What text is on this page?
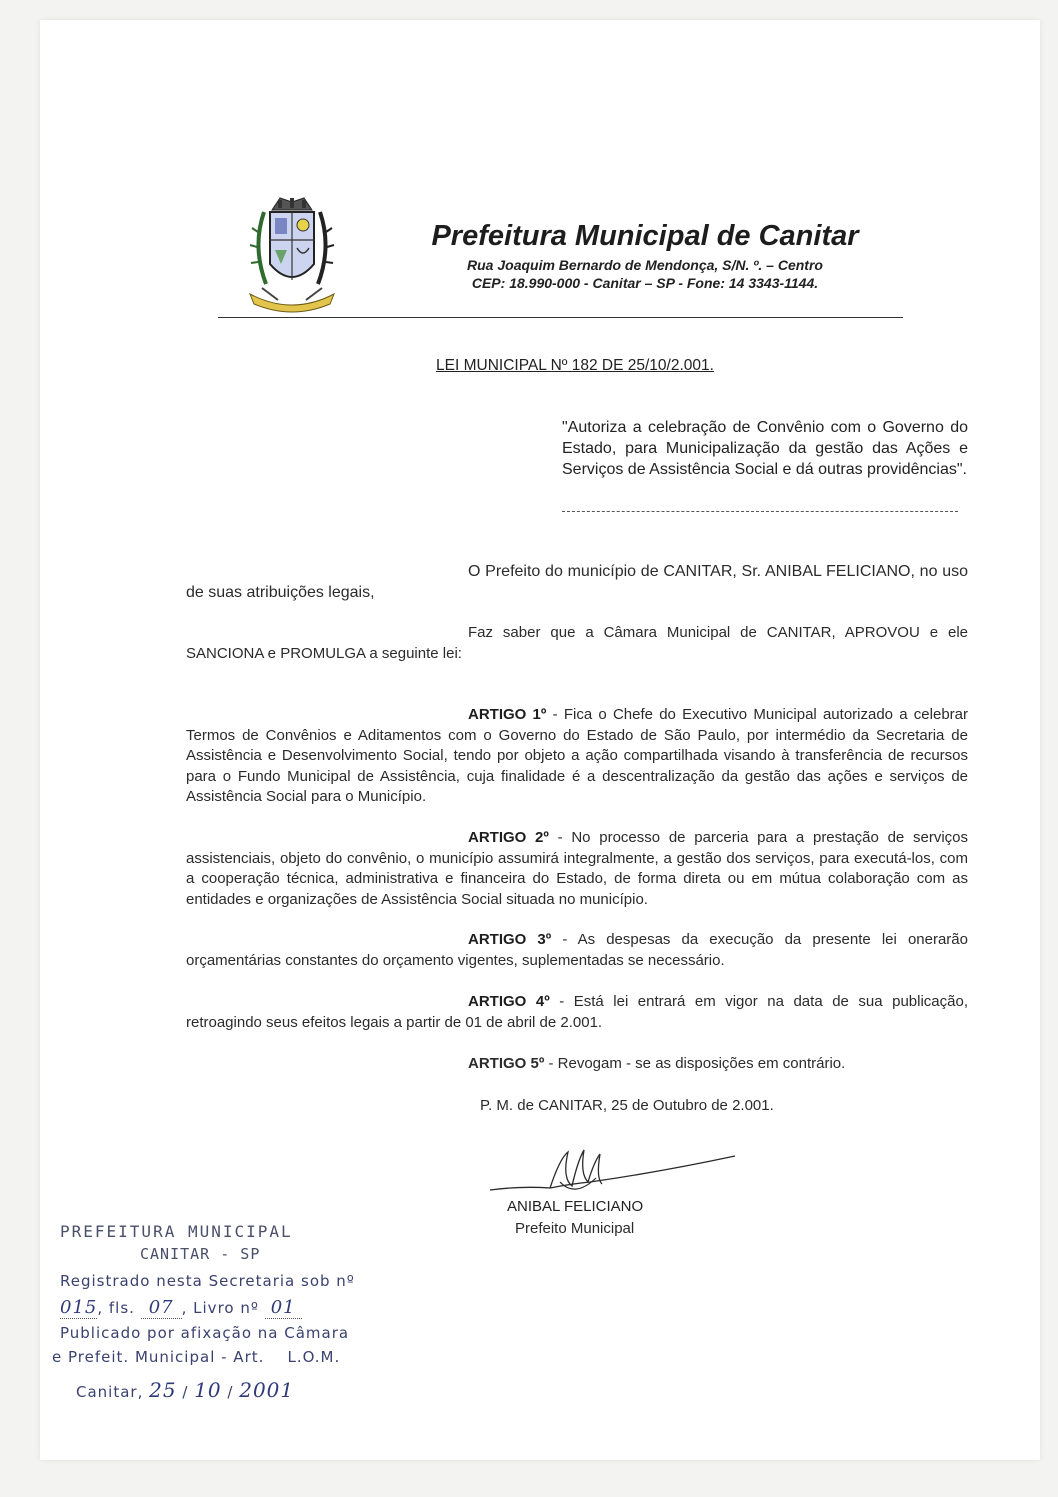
Prefeitura Municipal de Canitar
Rua Joaquim Bernardo de Mendonça, S/N. º. – Centro
CEP: 18.990-000 - Canitar – SP - Fone: 14 3343-1144.
LEI MUNICIPAL Nº 182 DE 25/10/2.001.
"Autoriza a celebração de Convênio com o Governo do Estado, para Municipalização da gestão das Ações e Serviços de Assistência Social e dá outras providências".
O Prefeito do município de CANITAR, Sr. ANIBAL FELICIANO, no uso de suas atribuições legais,
Faz saber que a Câmara Municipal de CANITAR, APROVOU e ele SANCIONA e PROMULGA a seguinte lei:
ARTIGO 1º - Fica o Chefe do Executivo Municipal autorizado a celebrar Termos de Convênios e Aditamentos com o Governo do Estado de São Paulo, por intermédio da Secretaria de Assistência e Desenvolvimento Social, tendo por objeto a ação compartilhada visando à transferência de recursos para o Fundo Municipal de Assistência, cuja finalidade é a descentralização da gestão das ações e serviços de Assistência Social para o Município.
ARTIGO 2º - No processo de parceria para a prestação de serviços assistenciais, objeto do convênio, o município assumirá integralmente, a gestão dos serviços, para executá-los, com a cooperação técnica, administrativa e financeira do Estado, de forma direta ou em mútua colaboração com as entidades e organizações de Assistência Social situada no município.
ARTIGO 3º - As despesas da execução da presente lei onerarão orçamentárias constantes do orçamento vigentes, suplementadas se necessário.
ARTIGO 4º - Está lei entrará em vigor na data de sua publicação, retroagindo seus efeitos legais a partir de 01 de abril de 2.001.
ARTIGO 5º - Revogam - se as disposições em contrário.
P. M. de CANITAR, 25 de Outubro de 2.001.
ANIBAL FELICIANO
Prefeito Municipal
PREFEITURA MUNICIPAL
CANITAR - SP
Registrado nesta Secretaria sob nº
015, fls. 07 , Livro nº 01
Publicado por afixação na Câmara
e Prefeit. Municipal - Art.    L.O.M.
Canitar, 25 / 10 / 2001
